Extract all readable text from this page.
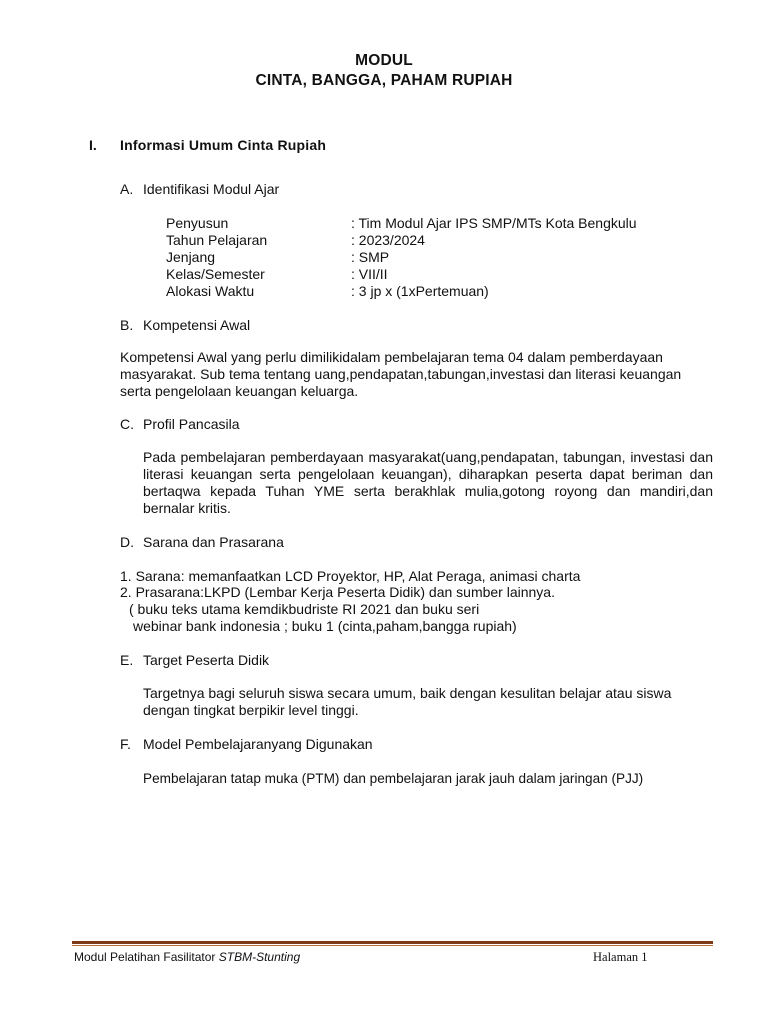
MODUL
CINTA, BANGGA, PAHAM RUPIAH
I. Informasi Umum Cinta Rupiah
A. Identifikasi Modul Ajar
Penyusun	: Tim Modul Ajar IPS SMP/MTs Kota Bengkulu
Tahun Pelajaran	: 2023/2024
Jenjang	: SMP
Kelas/Semester	: VII/II
Alokasi Waktu	: 3 jp x (1xPertemuan)
B. Kompetensi Awal
Kompetensi Awal yang perlu dimilikidalam pembelajaran tema 04 dalam pemberdayaan masyarakat. Sub tema tentang uang,pendapatan,tabungan,investasi dan literasi keuangan serta pengelolaan keuangan keluarga.
C. Profil Pancasila
Pada pembelajaran pemberdayaan masyarakat(uang,pendapatan, tabungan, investasi dan literasi keuangan serta pengelolaan keuangan), diharapkan peserta dapat beriman dan bertaqwa kepada Tuhan YME serta berakhlak mulia,gotong royong dan mandiri,dan bernalar kritis.
D. Sarana dan Prasarana
1. Sarana: memanfaatkan LCD Proyektor, HP, Alat Peraga, animasi charta
2. Prasarana:LKPD (Lembar Kerja Peserta Didik) dan sumber lainnya.
( buku teks utama kemdikbudriste RI 2021 dan buku seri
webinar bank indonesia ; buku 1 (cinta,paham,bangga rupiah)
E. Target Peserta Didik
Targetnya bagi seluruh siswa secara umum, baik dengan kesulitan belajar atau siswa dengan tingkat berpikir level tinggi.
F. Model Pembelajaranyang Digunakan
Pembelajaran tatap muka (PTM) dan pembelajaran jarak jauh dalam jaringan (PJJ)
Modul Pelatihan Fasilitator STBM-Stunting	Halaman 1
